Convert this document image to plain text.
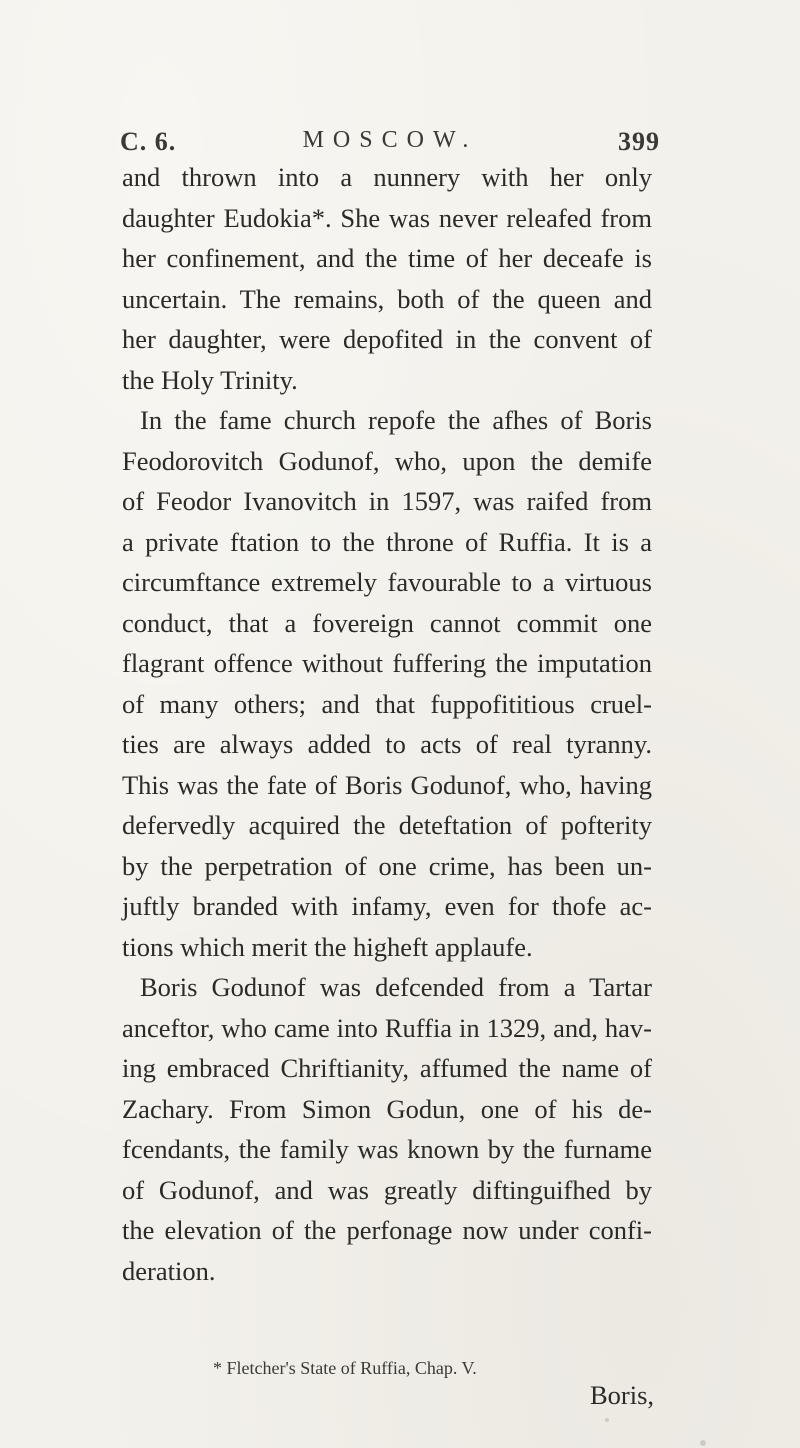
C. 6.	MOSCOW.	399
and thrown into a nunnery with her only
daughter Eudokia*. She was never releafed from
her confinement, and the time of her deceafe is
uncertain. The remains, both of the queen and
her daughter, were depofited in the convent of
the Holy Trinity.
In the fame church repofe the afhes of Boris
Feodorovitch Godunof, who, upon the demife
of Feodor Ivanovitch in 1597, was raifed from
a private ftation to the throne of Ruffia. It is a
circumftance extremely favourable to a virtuous
conduct, that a fovereign cannot commit one
flagrant offence without fuffering the imputation
of many others; and that fuppofititious cruel-
ties are always added to acts of real tyranny.
This was the fate of Boris Godunof, who, having
defervedly acquired the deteftation of pofterity
by the perpetration of one crime, has been un-
juftly branded with infamy, even for thofe ac-
tions which merit the higheft applaufe.
Boris Godunof was defcended from a Tartar
anceftor, who came into Ruffia in 1329, and, hav-
ing embraced Chriftianity, affumed the name of
Zachary. From Simon Godun, one of his de-
fcendants, the family was known by the furname
of Godunof, and was greatly diftinguifhed by
the elevation of the perfonage now under confi-
deration.
* Fletcher's State of Ruffia, Chap. V.
Boris,
